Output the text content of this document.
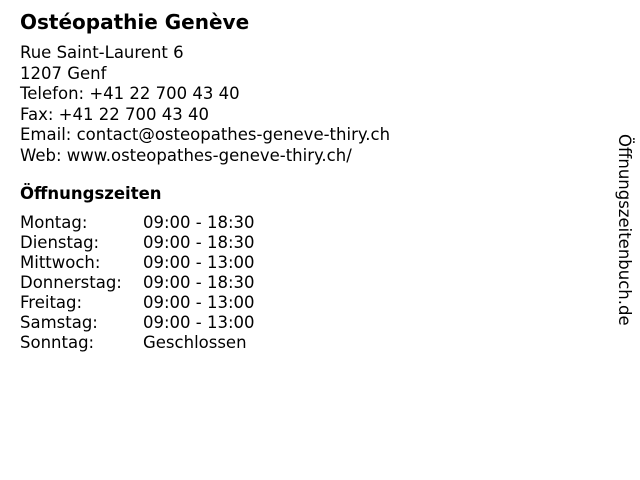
Ostéopathie Genève
Rue Saint-Laurent 6
1207 Genf
Telefon: +41 22 700 43 40
Fax: +41 22 700 43 40
Email: contact@osteopathes-geneve-thiry.ch
Web: www.osteopathes-geneve-thiry.ch/
Öffnungszeiten
Montag:	09:00 - 18:30
Dienstag:	09:00 - 18:30
Mittwoch:	09:00 - 13:00
Donnerstag:	09:00 - 18:30
Freitag:	09:00 - 13:00
Samstag:	09:00 - 13:00
Sonntag:	Geschlossen
Öffnungszeitenbuch.de
